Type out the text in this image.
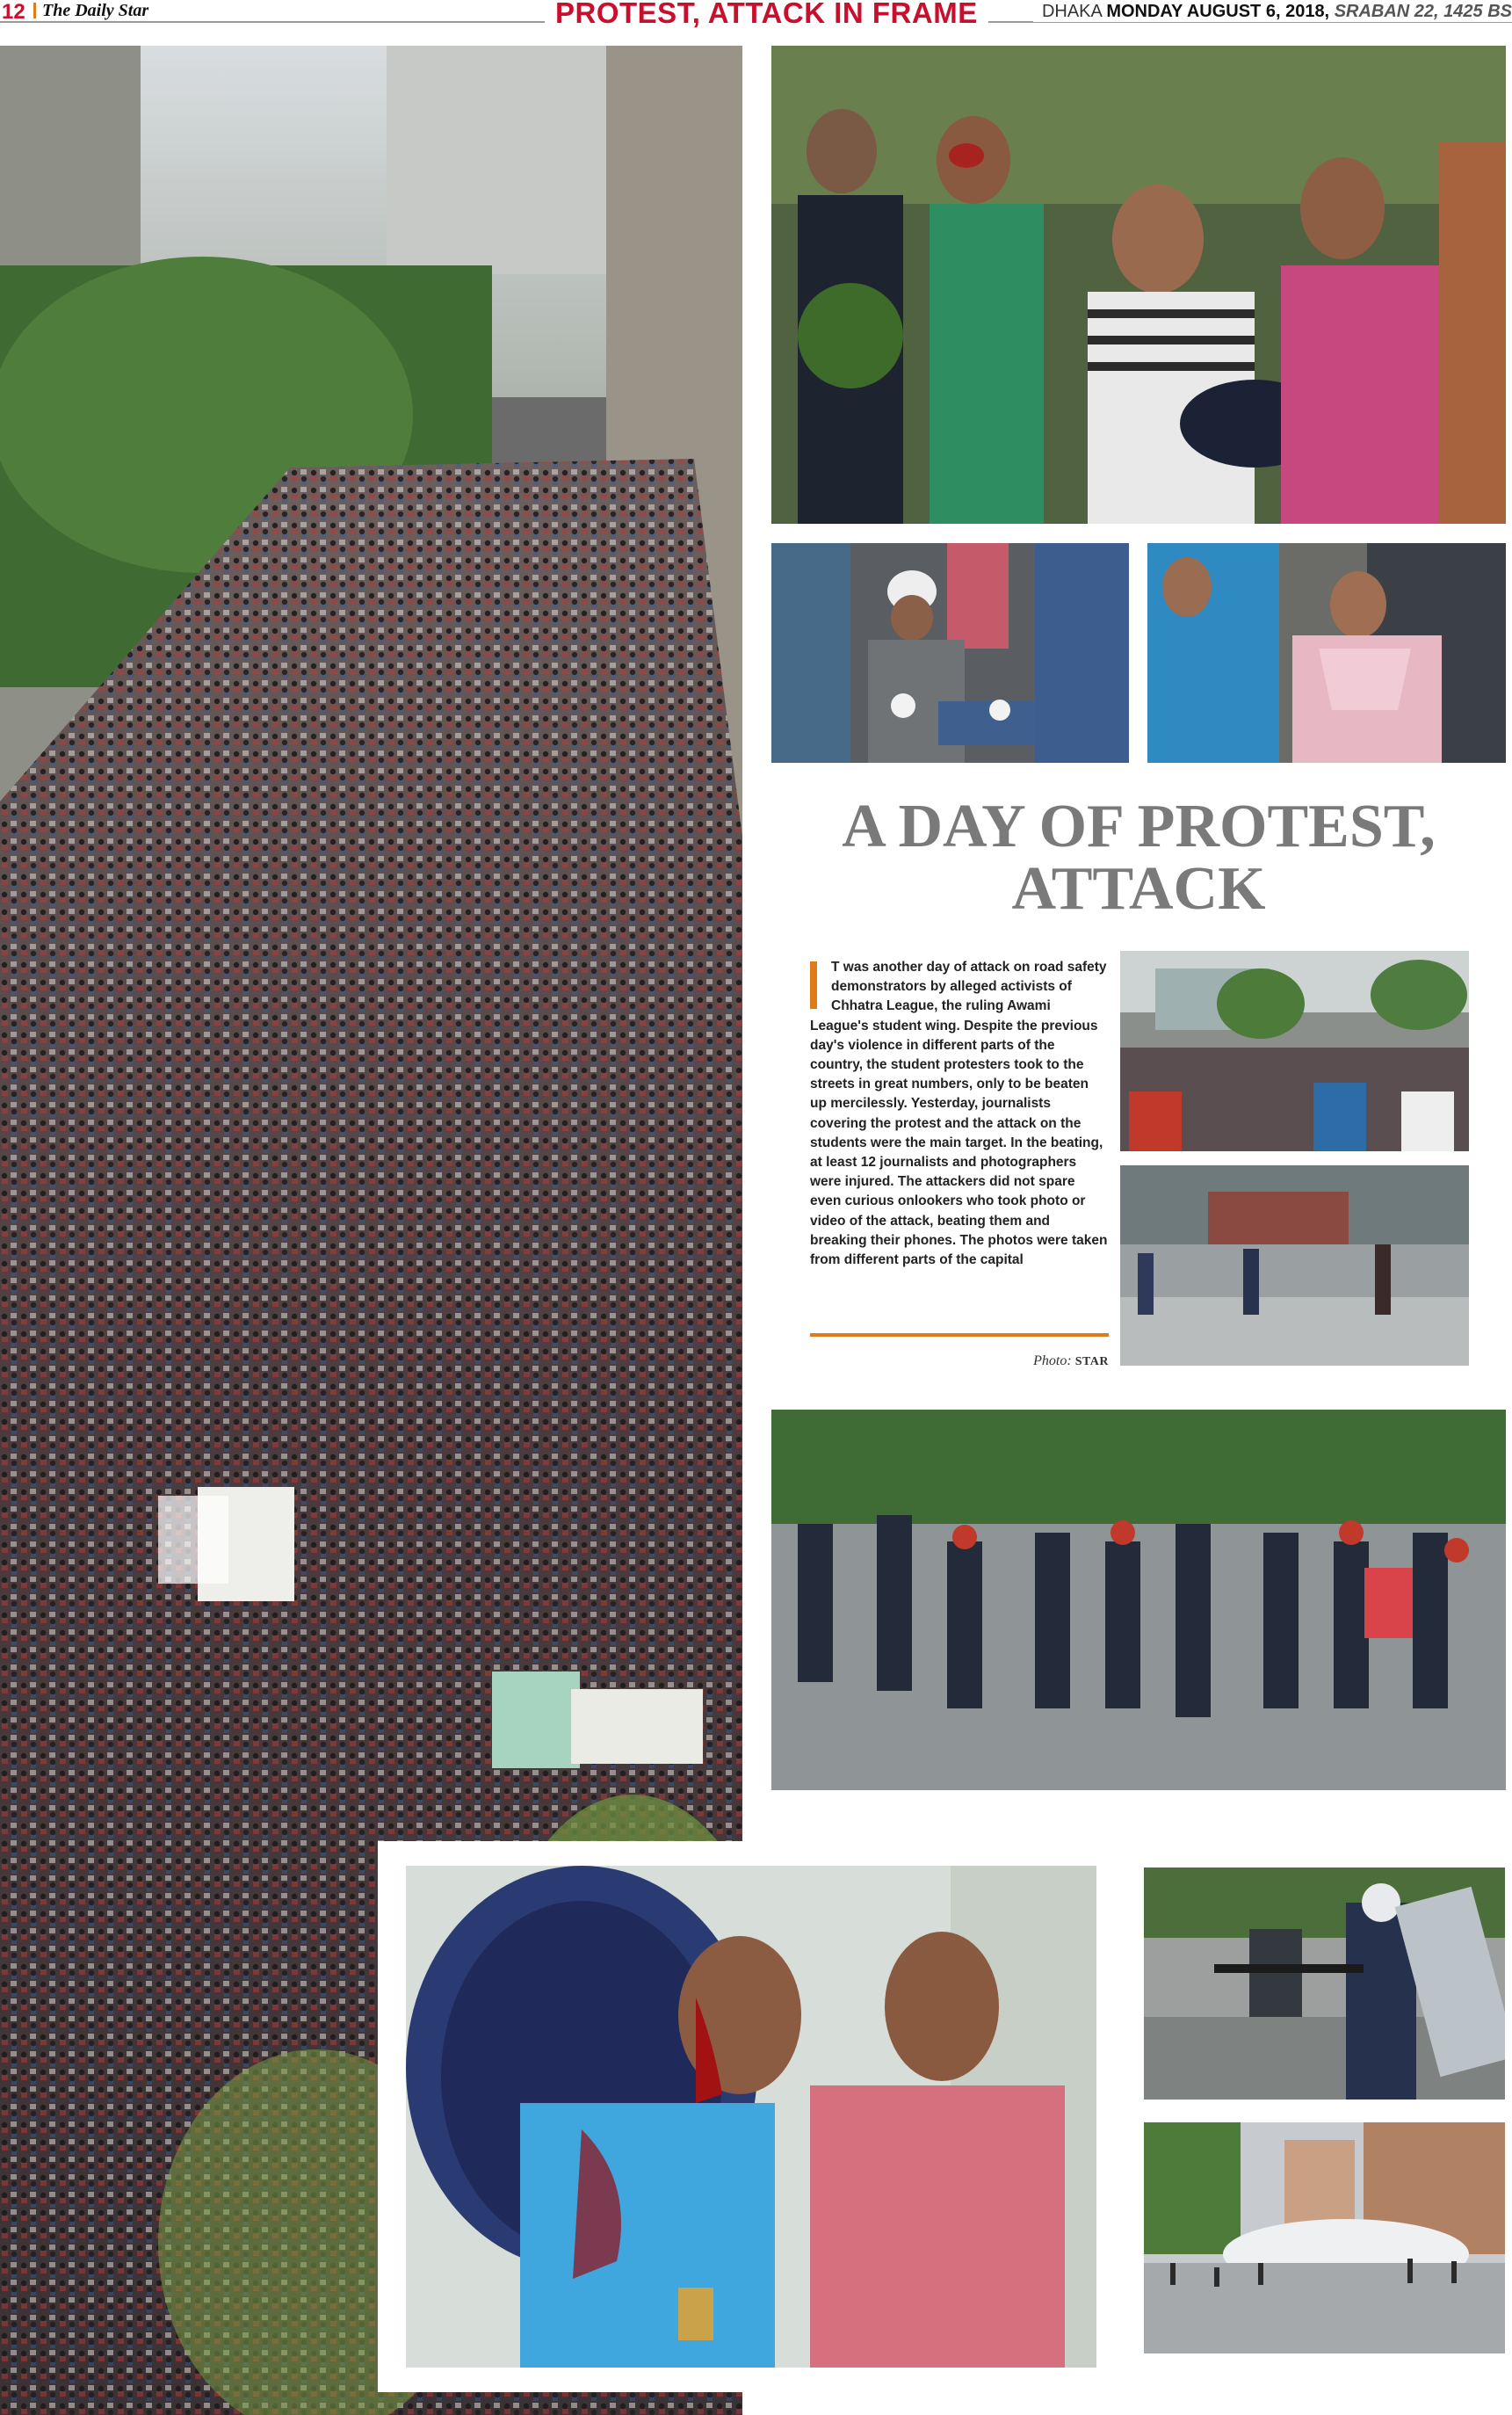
12 The Daily Star	PROTEST, ATTACK IN FRAME	DHAKA MONDAY AUGUST 6, 2018, SRABAN 22, 1425 BS
A DAY OF PROTEST,
ATTACK
T was another day of attack on road safety demonstrators by alleged activists of Chhatra League, the ruling Awami League's student wing. Despite the previous day's violence in different parts of the country, the student protesters took to the streets in great numbers, only to be beaten up mercilessly. Yesterday, journalists covering the protest and the attack on the students were the main target. In the beating, at least 12 journalists and photographers were injured. The attackers did not spare even curious onlookers who took photo or video of the attack, beating them and breaking their phones. The photos were taken from different parts of the capital
Photo: STAR
